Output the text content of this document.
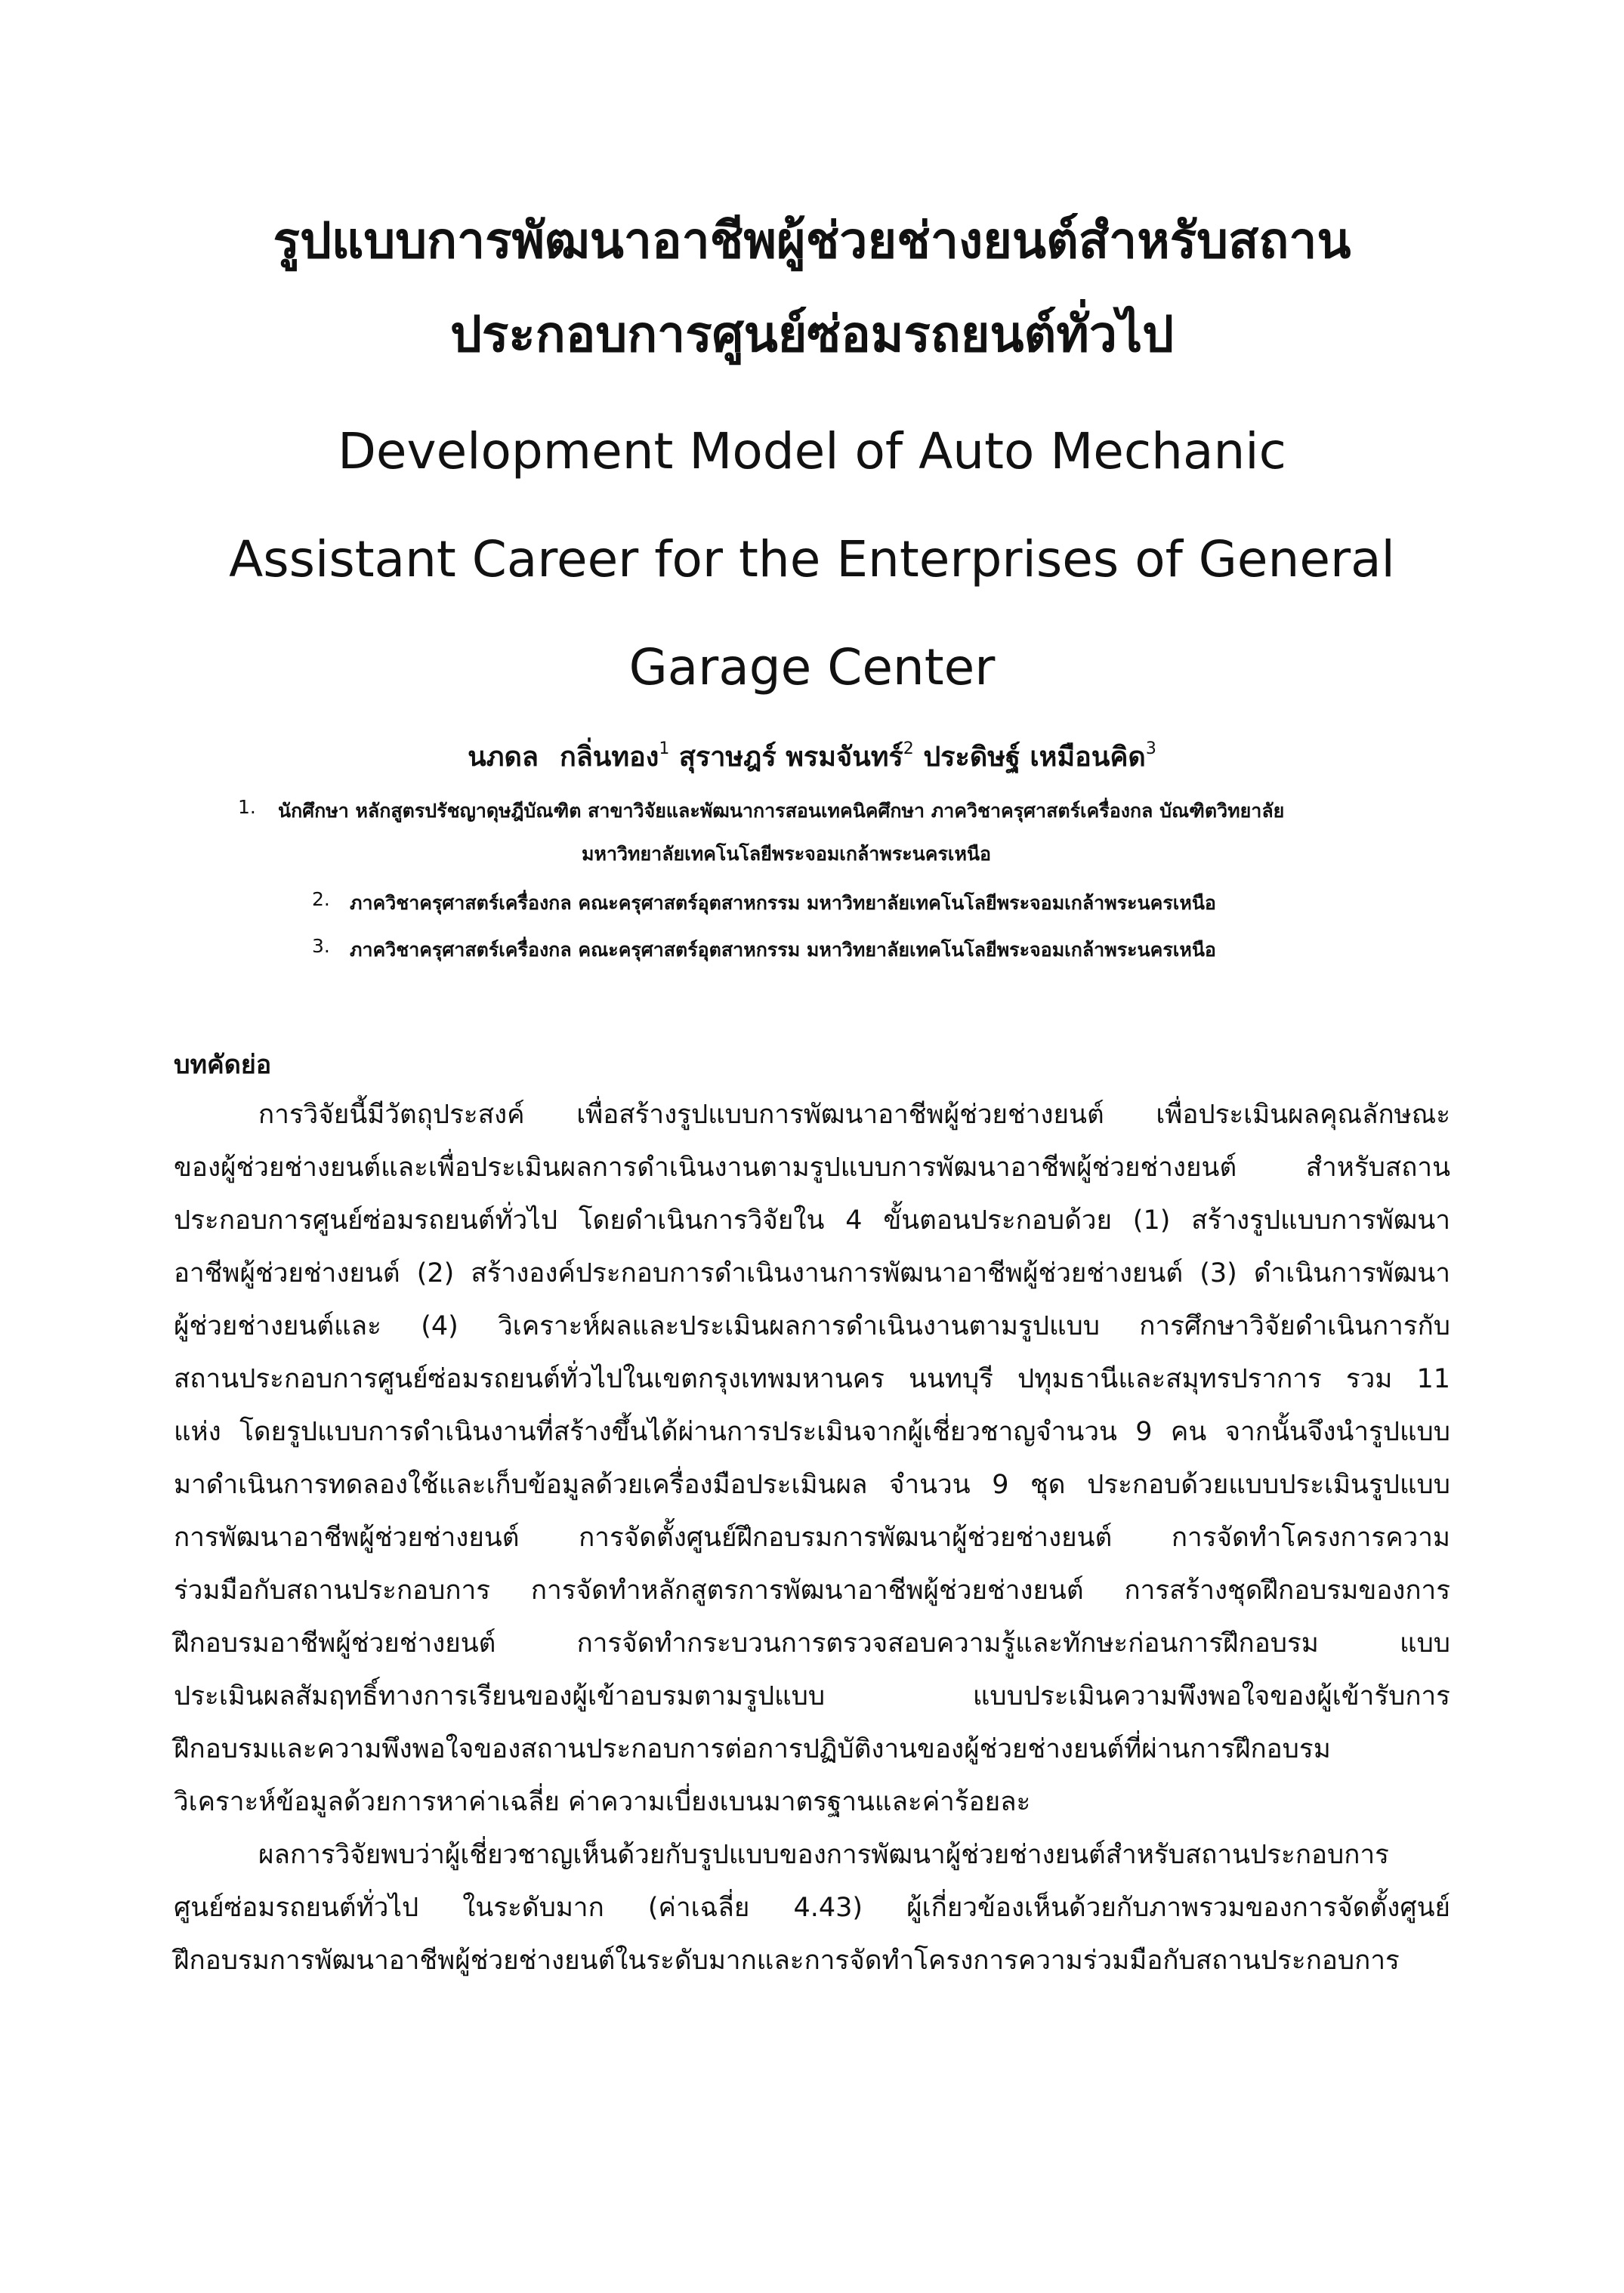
รูปแบบการพัฒนาอาชีพผู้ช่วยช่างยนต์สำหรับสถาน
ประกอบการศูนย์ซ่อมรถยนต์ทั่วไป
Development Model of Auto Mechanic
Assistant Career for the Enterprises of General
Garage Center
นภดล กลิ่นทอง$^1$ สุราษฎร์ พรมจันทร์$^2$ ประดิษฐ์ เหมือนคิด$^3$
1. นักศึกษา หลักสูตรปรัชญาดุษฎีบัณฑิต สาขาวิจัยและพัฒนาการสอนเทคนิคศึกษา ภาควิชาครุศาสตร์เครื่องกล บัณฑิตวิทยาลัย
มหาวิทยาลัยเทคโนโลยีพระจอมเกล้าพระนครเหนือ
2. ภาควิชาครุศาสตร์เครื่องกล คณะครุศาสตร์อุตสาหกรรม มหาวิทยาลัยเทคโนโลยีพระจอมเกล้าพระนครเหนือ
3. ภาควิชาครุศาสตร์เครื่องกล คณะครุศาสตร์อุตสาหกรรม มหาวิทยาลัยเทคโนโลยีพระจอมเกล้าพระนครเหนือ
บทคัดย่อ
การวิจัยนี้มีวัตถุประสงค์ เพื่อสร้างรูปแบบการพัฒนาอาชีพผู้ช่วยช่างยนต์ เพื่อประเมินผลคุณลักษณะ
ของผู้ช่วยช่างยนต์และเพื่อประเมินผลการดำเนินงานตามรูปแบบการพัฒนาอาชีพผู้ช่วยช่างยนต์ สำหรับสถาน
ประกอบการศูนย์ซ่อมรถยนต์ทั่วไป โดยดำเนินการวิจัยใน 4 ขั้นตอนประกอบด้วย (1) สร้างรูปแบบการพัฒนา
อาชีพผู้ช่วยช่างยนต์ (2) สร้างองค์ประกอบการดำเนินงานการพัฒนาอาชีพผู้ช่วยช่างยนต์ (3) ดำเนินการพัฒนา
ผู้ช่วยช่างยนต์และ (4) วิเคราะห์ผลและประเมินผลการดำเนินงานตามรูปแบบ การศึกษาวิจัยดำเนินการกับ
สถานประกอบการศูนย์ซ่อมรถยนต์ทั่วไปในเขตกรุงเทพมหานคร นนทบุรี ปทุมธานีและสมุทรปราการ รวม 11
แห่ง โดยรูปแบบการดำเนินงานที่สร้างขึ้นได้ผ่านการประเมินจากผู้เชี่ยวชาญจำนวน 9 คน จากนั้นจึงนำรูปแบบ
มาดำเนินการทดลองใช้และเก็บข้อมูลด้วยเครื่องมือประเมินผล จำนวน 9 ชุด ประกอบด้วยแบบประเมินรูปแบบ
การพัฒนาอาชีพผู้ช่วยช่างยนต์ การจัดตั้งศูนย์ฝึกอบรมการพัฒนาผู้ช่วยช่างยนต์ การจัดทำโครงการความ
ร่วมมือกับสถานประกอบการ การจัดทำหลักสูตรการพัฒนาอาชีพผู้ช่วยช่างยนต์ การสร้างชุดฝึกอบรมของการ
ฝึกอบรมอาชีพผู้ช่วยช่างยนต์ การจัดทำกระบวนการตรวจสอบความรู้และทักษะก่อนการฝึกอบรม แบบ
ประเมินผลสัมฤทธิ์ทางการเรียนของผู้เข้าอบรมตามรูปแบบ แบบประเมินความพึงพอใจของผู้เข้ารับการ
ฝึกอบรมและความพึงพอใจของสถานประกอบการต่อการปฏิบัติงานของผู้ช่วยช่างยนต์ที่ผ่านการฝึกอบรม
วิเคราะห์ข้อมูลด้วยการหาค่าเฉลี่ย ค่าความเบี่ยงเบนมาตรฐานและค่าร้อยละ
ผลการวิจัยพบว่าผู้เชี่ยวชาญเห็นด้วยกับรูปแบบของการพัฒนาผู้ช่วยช่างยนต์สำหรับสถานประกอบการ
ศูนย์ซ่อมรถยนต์ทั่วไป ในระดับมาก (ค่าเฉลี่ย 4.43) ผู้เกี่ยวข้องเห็นด้วยกับภาพรวมของการจัดตั้งศูนย์
ฝึกอบรมการพัฒนาอาชีพผู้ช่วยช่างยนต์ในระดับมากและการจัดทำโครงการความร่วมมือกับสถานประกอบการ
